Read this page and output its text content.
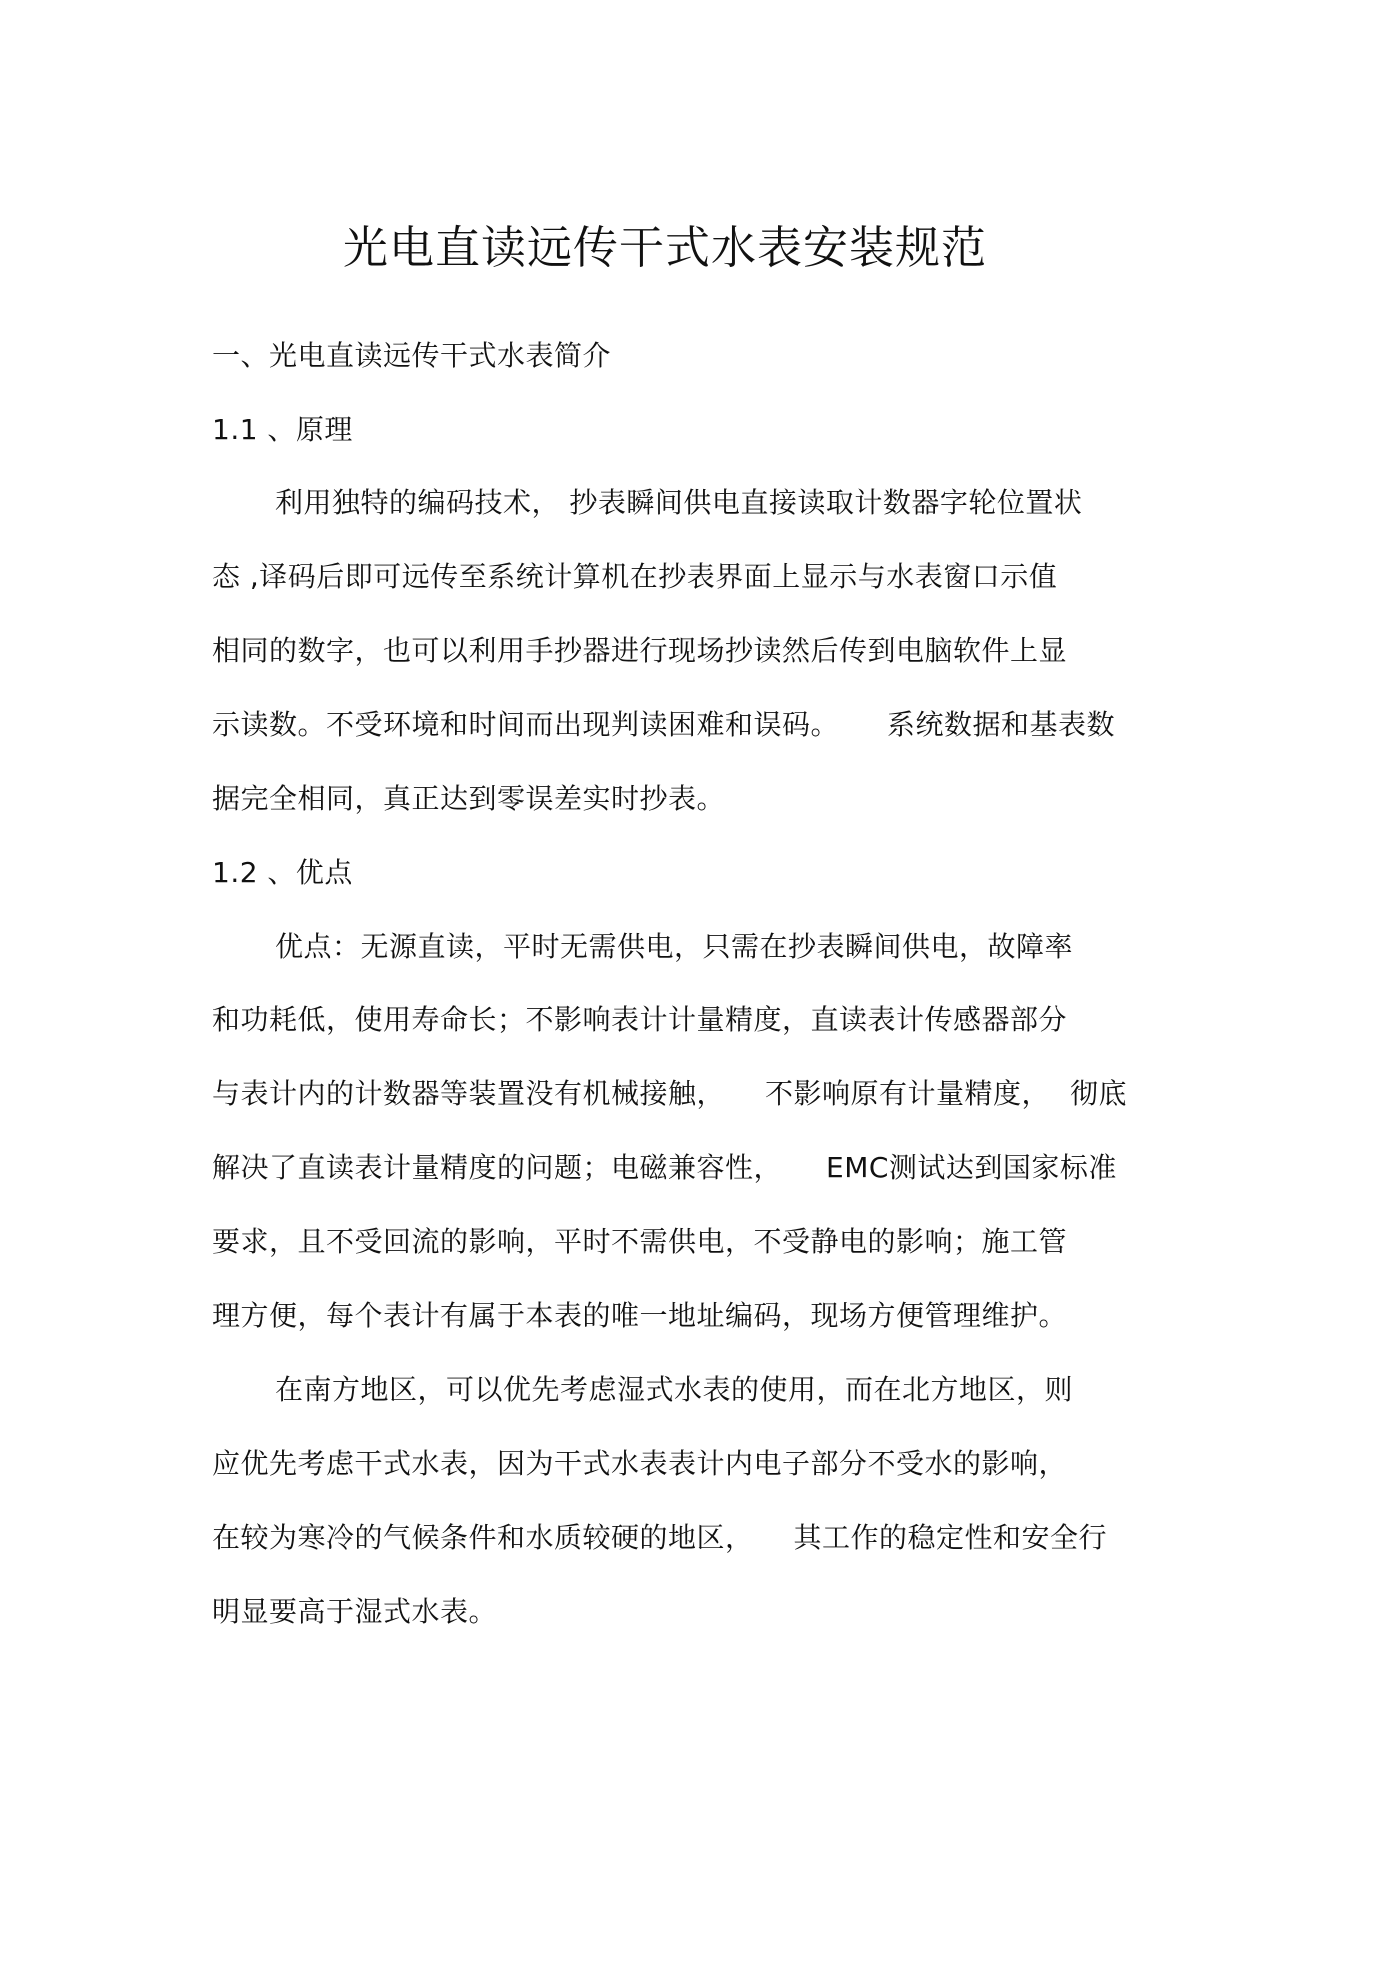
光电直读远传干式水表安装规范
一、光电直读远传干式水表简介
1.1 、原理
利用独特的编码技术， 抄表瞬间供电直接读取计数器字轮位置状
态 ,译码后即可远传至系统计算机在抄表界面上显示与水表窗口示值
相同的数字，也可以利用手抄器进行现场抄读然后传到电脑软件上显
示读数。不受环境和时间而出现判读困难和误码。 系统数据和基表数
据完全相同，真正达到零误差实时抄表。
1.2 、优点
优点：无源直读，平时无需供电，只需在抄表瞬间供电，故障率
和功耗低，使用寿命长；不影响表计计量精度，直读表计传感器部分
与表计内的计数器等装置没有机械接触， 不影响原有计量精度， 彻底
解决了直读表计量精度的问题；电磁兼容性， EMC测试达到国家标准
要求，且不受回流的影响，平时不需供电，不受静电的影响；施工管
理方便，每个表计有属于本表的唯一地址编码，现场方便管理维护。
在南方地区，可以优先考虑湿式水表的使用，而在北方地区，则
应优先考虑干式水表，因为干式水表表计内电子部分不受水的影响，
在较为寒冷的气候条件和水质较硬的地区， 其工作的稳定性和安全行
明显要高于湿式水表。
